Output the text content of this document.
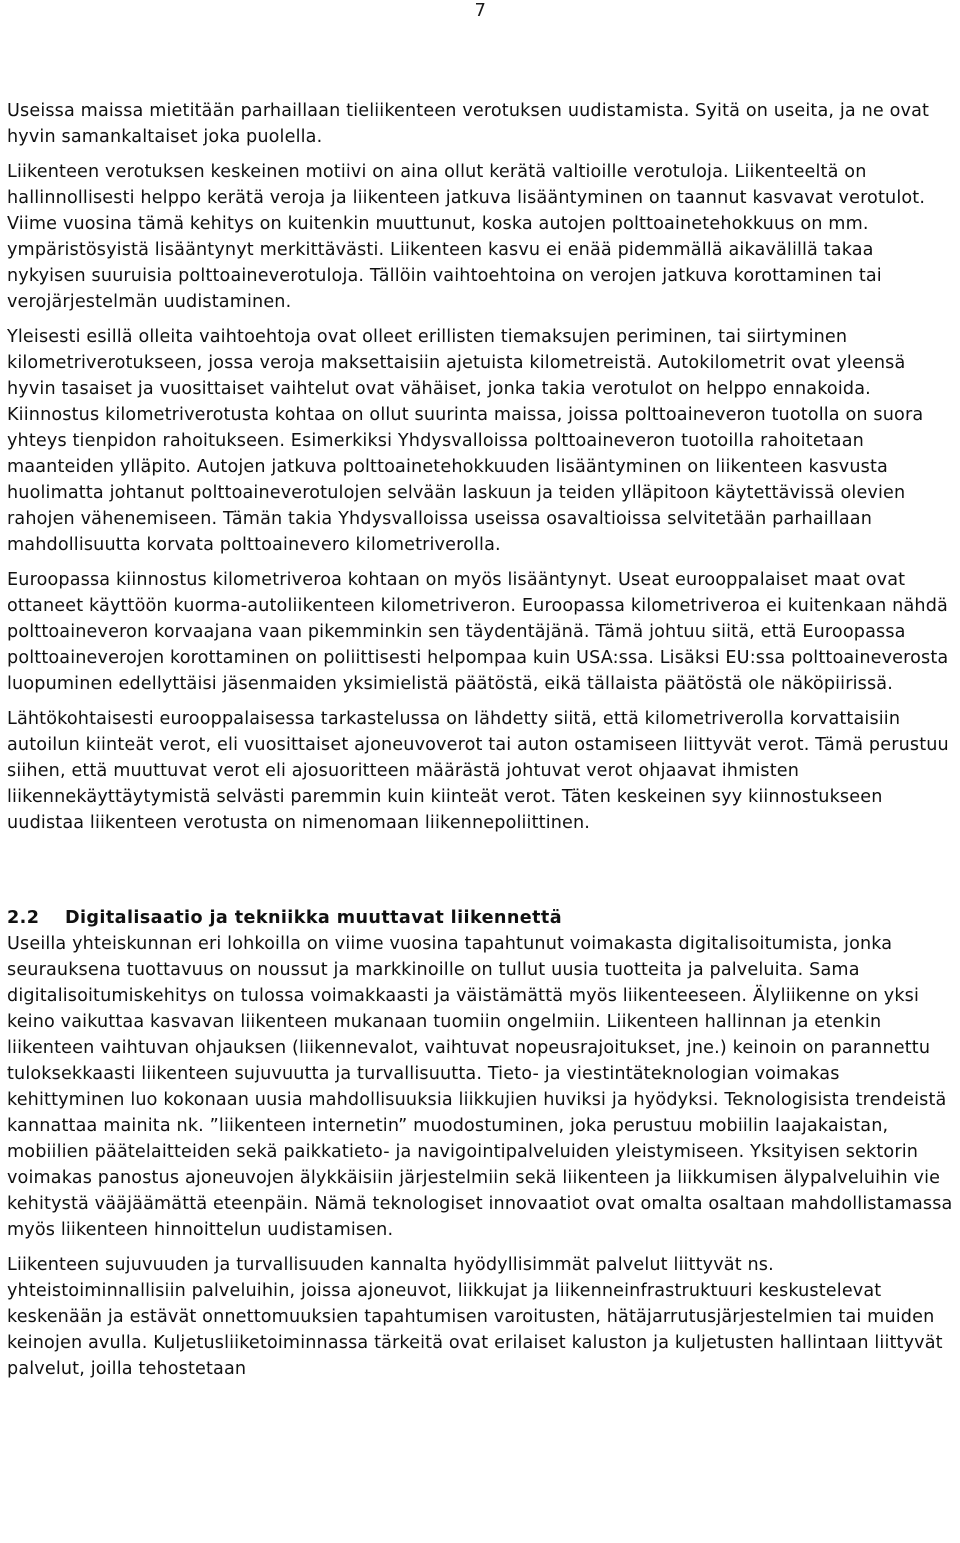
7

Useissa maissa mietitään parhaillaan tieliikenteen verotuksen uudistamista. Syitä on useita, ja ne ovat hyvin samankaltaiset joka puolella.

Liikenteen verotuksen keskeinen motiivi on aina ollut kerätä valtioille verotuloja. Liikenteeltä on hallinnollisesti helppo kerätä veroja ja liikenteen jatkuva lisääntyminen on taannut kasvavat verotulot. Viime vuosina tämä kehitys on kuitenkin muuttunut, koska autojen polttoainetehokkuus on mm. ympäristösyistä lisääntynyt merkittävästi. Liikenteen kasvu ei enää pidemmällä aikavälillä takaa nykyisen suuruisia polttoaineverotuloja. Tällöin vaihtoehtoina on verojen jatkuva korottaminen tai verojärjestelmän uudistaminen.

Yleisesti esillä olleita vaihtoehtoja ovat olleet erillisten tiemaksujen periminen, tai siirtyminen kilometriverotukseen, jossa veroja maksettaisiin ajetuista kilometreistä. Autokilometrit ovat yleensä hyvin tasaiset ja vuosittaiset vaihtelut ovat vähäiset, jonka takia verotulot on helppo ennakoida. Kiinnostus kilometriverotusta kohtaa on ollut suurinta maissa, joissa polttoaineveron tuotolla on suora yhteys tienpidon rahoitukseen. Esimerkiksi Yhdysvalloissa polttoaineveron tuotoilla rahoitetaan maanteiden ylläpito. Autojen jatkuva polttoainetehokkuuden lisääntyminen on liikenteen kasvusta huolimatta johtanut polttoaineverotulojen selvään laskuun ja teiden ylläpitoon käytettävissä olevien rahojen vähenemiseen. Tämän takia Yhdysvalloissa useissa osavaltioissa selvitetään parhaillaan mahdollisuutta korvata polttoainevero kilometriverolla.

Euroopassa kiinnostus kilometriveroa kohtaan on myös lisääntynyt. Useat eurooppalaiset maat ovat ottaneet käyttöön kuorma-autoliikenteen kilometriveron. Euroopassa kilometriveroa ei kuitenkaan nähdä polttoaineveron korvaajana vaan pikemminkin sen täydentäjänä. Tämä johtuu siitä, että Euroopassa polttoaineverojen korottaminen on poliittisesti helpompaa kuin USA:ssa. Lisäksi EU:ssa polttoaineverosta luopuminen edellyttäisi jäsenmaiden yksimielistä päätöstä, eikä tällaista päätöstä ole näköpiirissä.

Lähtökohtaisesti eurooppalaisessa tarkastelussa on lähdetty siitä, että kilometriverolla korvattaisiin autoilun kiinteät verot, eli vuosittaiset ajoneuvoverot tai auton ostamiseen liittyvät verot. Tämä perustuu siihen, että muuttuvat verot eli ajosuoritteen määrästä johtuvat verot ohjaavat ihmisten liikennekäyttäytymistä selvästi paremmin kuin kiinteät verot. Täten keskeinen syy kiinnostukseen uudistaa liikenteen verotusta on nimenomaan liikennepoliittinen.

2.2 Digitalisaatio ja tekniikka muuttavat liikennettä

Useilla yhteiskunnan eri lohkoilla on viime vuosina tapahtunut voimakasta digitalisoitumista, jonka seurauksena tuottavuus on noussut ja markkinoille on tullut uusia tuotteita ja palveluita. Sama digitalisoitumiskehitys on tulossa voimakkaasti ja väistämättä myös liikenteeseen. Älyliikenne on yksi keino vaikuttaa kasvavan liikenteen mukanaan tuomiin ongelmiin. Liikenteen hallinnan ja etenkin liikenteen vaihtuvan ohjauksen (liikennevalot, vaihtuvat nopeusrajoitukset, jne.) keinoin on parannettu tuloksekkaasti liikenteen sujuvuutta ja turvallisuutta. Tieto- ja viestintäteknologian voimakas kehittyminen luo kokonaan uusia mahdollisuuksia liikkujien huviksi ja hyödyksi. Teknologisista trendeistä kannattaa mainita nk. ”liikenteen internetin” muodostuminen, joka perustuu mobiilin laajakaistan, mobiilien päätelaitteiden sekä paikkatieto- ja navigointipalveluiden yleistymiseen. Yksityisen sektorin voimakas panostus ajoneuvojen älykkäisiin järjestelmiin sekä liikenteen ja liikkumisen älypalveluihin vie kehitystä vääjäämättä eteenpäin. Nämä teknologiset innovaatiot ovat omalta osaltaan mahdollistamassa myös liikenteen hinnoittelun uudistamisen.

Liikenteen sujuvuuden ja turvallisuuden kannalta hyödyllisimmät palvelut liittyvät ns. yhteistoiminnallisiin palveluihin, joissa ajoneuvot, liikkujat ja liikenneinfrastruktuuri keskustelevat keskenään ja estävät onnettomuuksien tapahtumisen varoitusten, hätäjarrutusjärjestelmien tai muiden keinojen avulla. Kuljetusliiketoiminnassa tärkeitä ovat erilaiset kaluston ja kuljetusten hallintaan liittyvät palvelut, joilla tehostetaan
